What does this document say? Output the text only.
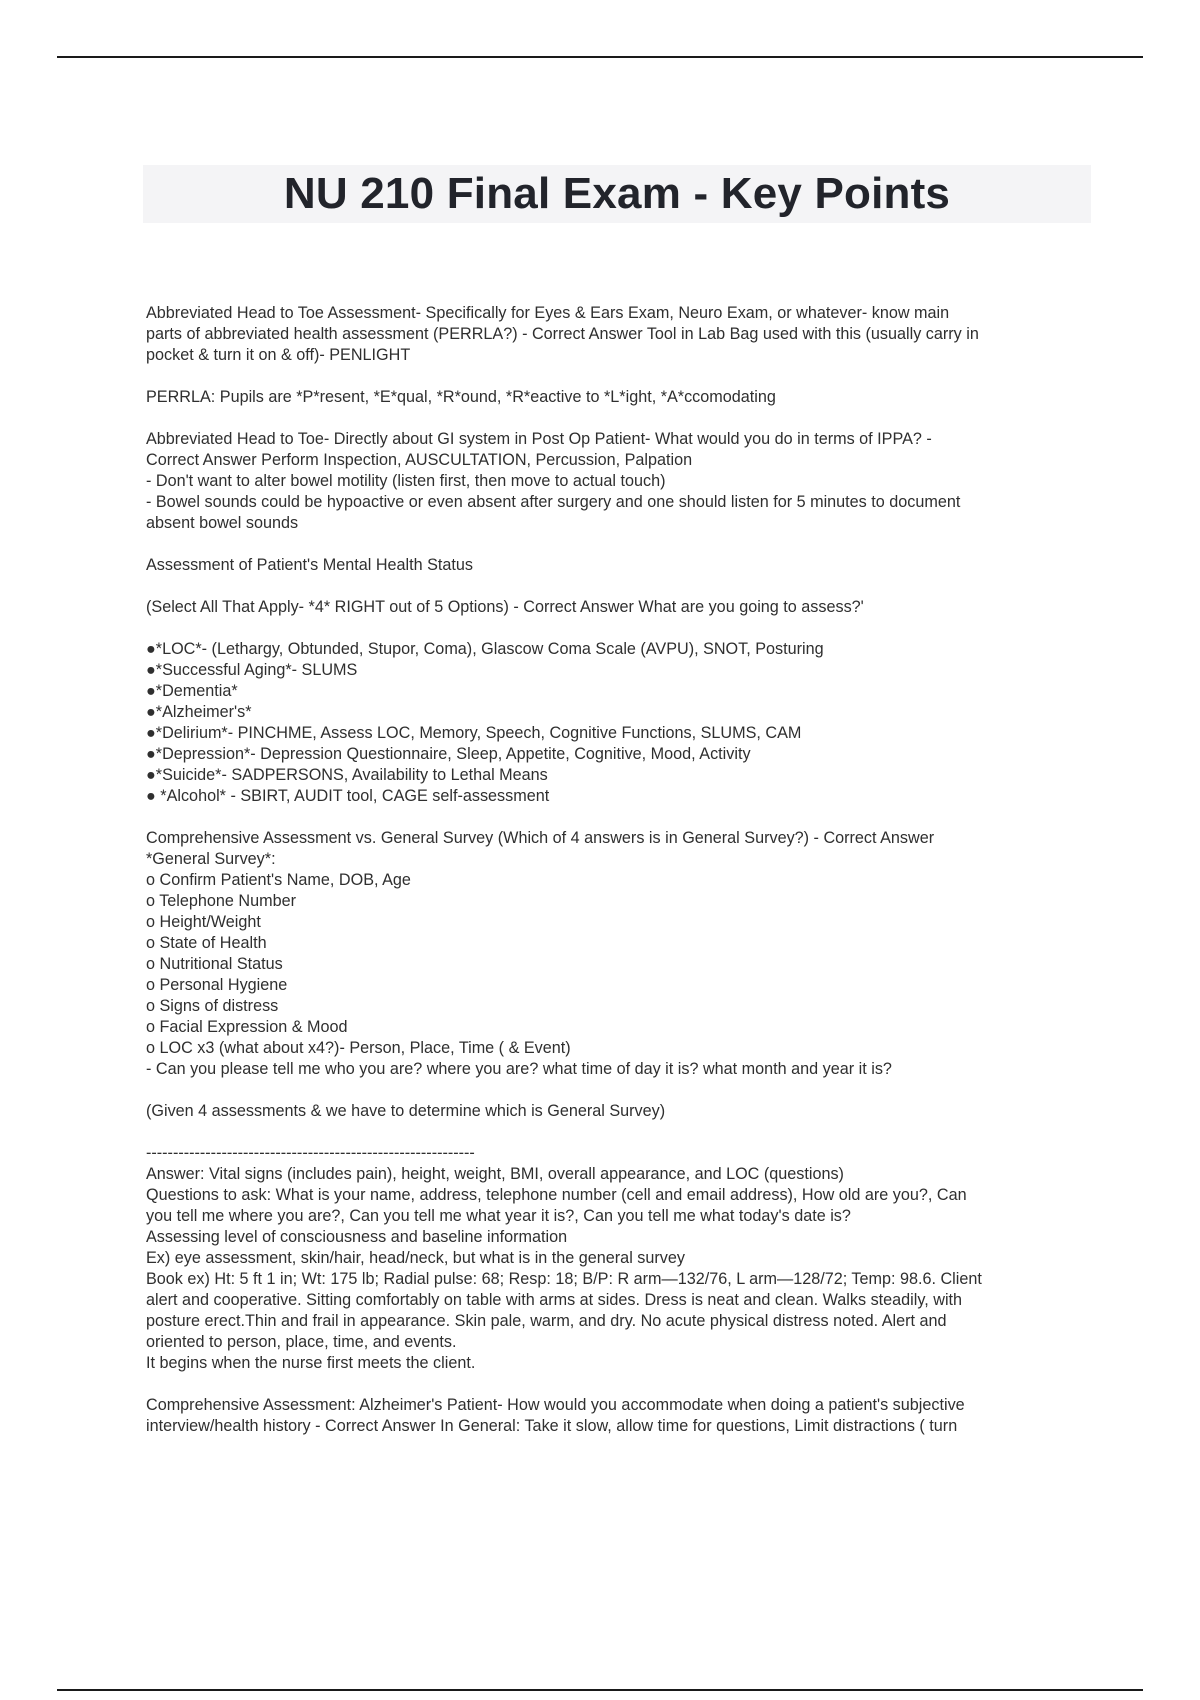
NU 210 Final Exam - Key Points
Abbreviated Head to Toe Assessment- Specifically for Eyes & Ears Exam, Neuro Exam, or whatever- know main
parts of abbreviated health assessment (PERRLA?) - Correct Answer Tool in Lab Bag used with this (usually carry in
pocket & turn it on & off)- PENLIGHT
PERRLA: Pupils are *P*resent, *E*qual, *R*ound, *R*eactive to *L*ight, *A*ccomodating
Abbreviated Head to Toe- Directly about GI system in Post Op Patient- What would you do in terms of IPPA? -
Correct Answer Perform Inspection, AUSCULTATION, Percussion, Palpation
- Don't want to alter bowel motility (listen first, then move to actual touch)
- Bowel sounds could be hypoactive or even absent after surgery and one should listen for 5 minutes to document
absent bowel sounds
Assessment of Patient's Mental Health Status
(Select All That Apply- *4* RIGHT out of 5 Options) - Correct Answer What are you going to assess?'
●*LOC*- (Lethargy, Obtunded, Stupor, Coma), Glascow Coma Scale (AVPU), SNOT, Posturing
●*Successful Aging*- SLUMS
●*Dementia*
●*Alzheimer's*
●*Delirium*- PINCHME, Assess LOC, Memory, Speech, Cognitive Functions, SLUMS, CAM
●*Depression*- Depression Questionnaire, Sleep, Appetite, Cognitive, Mood, Activity
●*Suicide*- SADPERSONS, Availability to Lethal Means
● *Alcohol* - SBIRT, AUDIT tool, CAGE self-assessment
Comprehensive Assessment vs. General Survey (Which of 4 answers is in General Survey?) - Correct Answer
*General Survey*:
o Confirm Patient's Name, DOB, Age
o Telephone Number
o Height/Weight
o State of Health
o Nutritional Status
o Personal Hygiene
o Signs of distress
o Facial Expression & Mood
o LOC x3 (what about x4?)- Person, Place, Time ( & Event)
- Can you please tell me who you are? where you are? what time of day it is? what month and year it is?
(Given 4 assessments & we have to determine which is General Survey)
-------------------------------------------------------------
Answer: Vital signs (includes pain), height, weight, BMI, overall appearance, and LOC (questions)
Questions to ask: What is your name, address, telephone number (cell and email address), How old are you?, Can
you tell me where you are?, Can you tell me what year it is?, Can you tell me what today's date is?
Assessing level of consciousness and baseline information
Ex) eye assessment, skin/hair, head/neck, but what is in the general survey
Book ex) Ht: 5 ft 1 in; Wt: 175 lb; Radial pulse: 68; Resp: 18; B/P: R arm—132/76, L arm—128/72; Temp: 98.6. Client
alert and cooperative. Sitting comfortably on table with arms at sides. Dress is neat and clean. Walks steadily, with
posture erect.Thin and frail in appearance. Skin pale, warm, and dry. No acute physical distress noted. Alert and
oriented to person, place, time, and events.
It begins when the nurse first meets the client.
Comprehensive Assessment: Alzheimer's Patient- How would you accommodate when doing a patient's subjective
interview/health history - Correct Answer In General: Take it slow, allow time for questions, Limit distractions ( turn
